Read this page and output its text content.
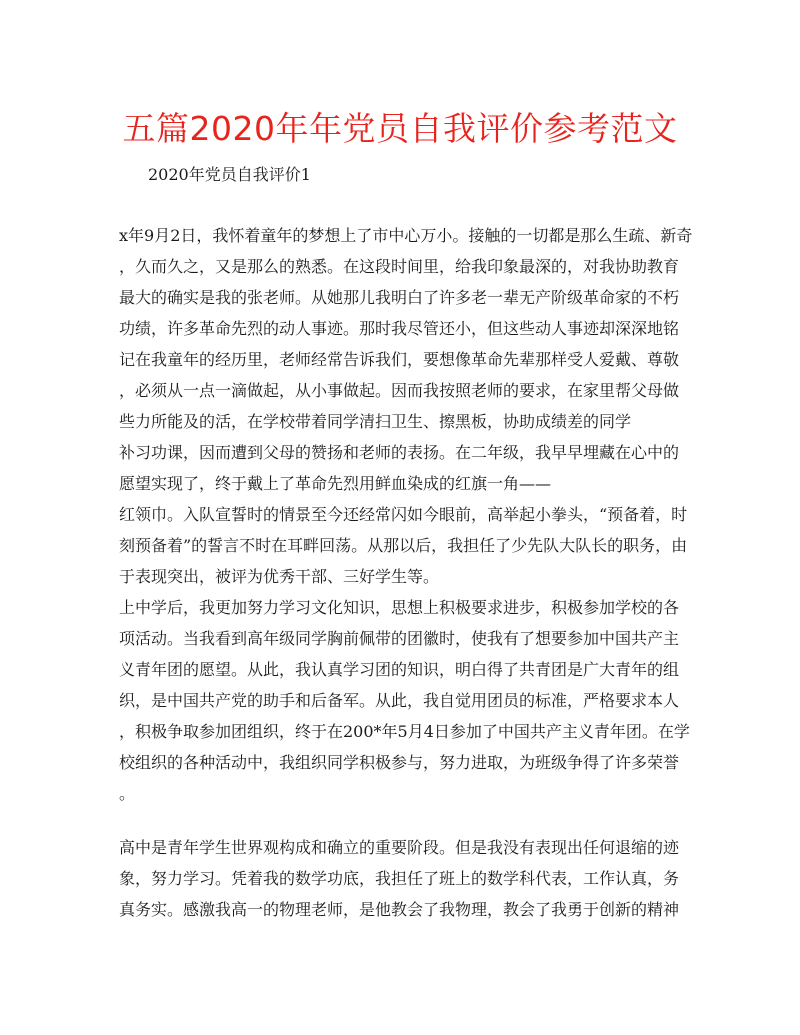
五篇2020年年党员自我评价参考范文
2020年党员自我评价1
x年9月2日，我怀着童年的梦想上了市中心万小。接触的一切都是那么生疏、新奇
，久而久之，又是那么的熟悉。在这段时间里，给我印象最深的，对我协助教育
最大的确实是我的张老师。从她那儿我明白了许多老一辈无产阶级革命家的不朽
功绩，许多革命先烈的动人事迹。那时我尽管还小，但这些动人事迹却深深地铭
记在我童年的经历里，老师经常告诉我们，要想像革命先辈那样受人爱戴、尊敬
，必须从一点一滴做起，从小事做起。因而我按照老师的要求，在家里帮父母做
些力所能及的活，在学校带着同学清扫卫生、擦黑板，协助成绩差的同学
补习功课，因而遭到父母的赞扬和老师的表扬。在二年级，我早早埋藏在心中的
愿望实现了，终于戴上了革命先烈用鲜血染成的红旗一角——
红领巾。入队宣誓时的情景至今还经常闪如今眼前，高举起小拳头，“预备着，时
刻预备着”的誓言不时在耳畔回荡。从那以后，我担任了少先队大队长的职务，由
于表现突出，被评为优秀干部、三好学生等。
上中学后，我更加努力学习文化知识，思想上积极要求进步，积极参加学校的各
项活动。当我看到高年级同学胸前佩带的团徽时，使我有了想要参加中国共产主
义青年团的愿望。从此，我认真学习团的知识，明白得了共青团是广大青年的组
织，是中国共产党的助手和后备军。从此，我自觉用团员的标准，严格要求本人
，积极争取参加团组织，终于在200*年5月4日参加了中国共产主义青年团。在学
校组织的各种活动中，我组织同学积极参与，努力进取，为班级争得了许多荣誉
。
高中是青年学生世界观构成和确立的重要阶段。但是我没有表现出任何退缩的迹
象，努力学习。凭着我的数学功底，我担任了班上的数学科代表，工作认真，务
真务实。感激我高一的物理老师，是他教会了我物理，教会了我勇于创新的精神
